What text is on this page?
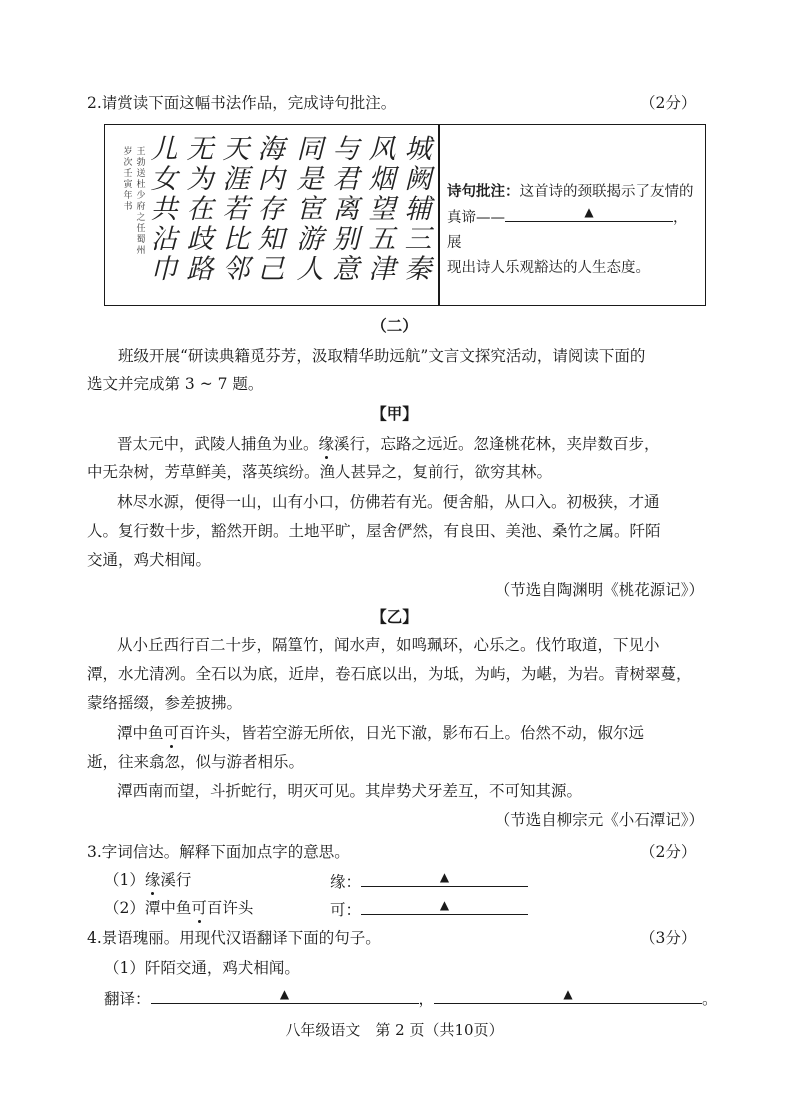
2.请赏读下面这幅书法作品，完成诗句批注。	（2分）
城
阙
辅
三
秦
风
烟
望
五
津
与
君
离
别
意
同
是
宦
游
人
海
内
存
知
己
天
涯
若
比
邻
无
为
在
歧
路
儿
女
共
沾
巾
王
勃
送
杜
少
府
之
任
蜀
州
岁
次
壬
寅
年
书
诗句批注：这首诗的颈联揭示了友情的
真谛——	▲	，展
现出诗人乐观豁达的人生态度。
（二）
班级开展“研读典籍觅芬芳，汲取精华助远航”文言文探究活动，请阅读下面的
选文并完成第 3 ~ 7 题。
【甲】
晋太元中，武陵人捕鱼为业。缘溪行，忘路之远近。忽逢桃花林，夹岸数百步，
中无杂树，芳草鲜美，落英缤纷。渔人甚异之，复前行，欲穷其林。
林尽水源，便得一山，山有小口，仿佛若有光。便舍船，从口入。初极狭，才通
人。复行数十步，豁然开朗。土地平旷，屋舍俨然，有良田、美池、桑竹之属。阡陌
交通，鸡犬相闻。
（节选自陶渊明《桃花源记》）
【乙】
从小丘西行百二十步，隔篁竹，闻水声，如鸣珮环，心乐之。伐竹取道，下见小
潭，水尤清冽。全石以为底，近岸，卷石底以出，为坻，为屿，为嵁，为岩。青树翠蔓，
蒙络摇缀，参差披拂。
潭中鱼可百许头，皆若空游无所依，日光下澈，影布石上。佁然不动，俶尔远
逝，往来翕忽，似与游者相乐。
潭西南而望，斗折蛇行，明灭可见。其岸势犬牙差互，不可知其源。
（节选自柳宗元《小石潭记》）
3.字词信达。解释下面加点字的意思。	（2分）
（1）缘溪行	缘：	▲
（2）潭中鱼可百许头	可：	▲
4.景语瑰丽。用现代汉语翻译下面的句子。	（3分）
（1）阡陌交通，鸡犬相闻。
翻译：	▲	，	▲	。
八年级语文　第 2 页（共10页）
